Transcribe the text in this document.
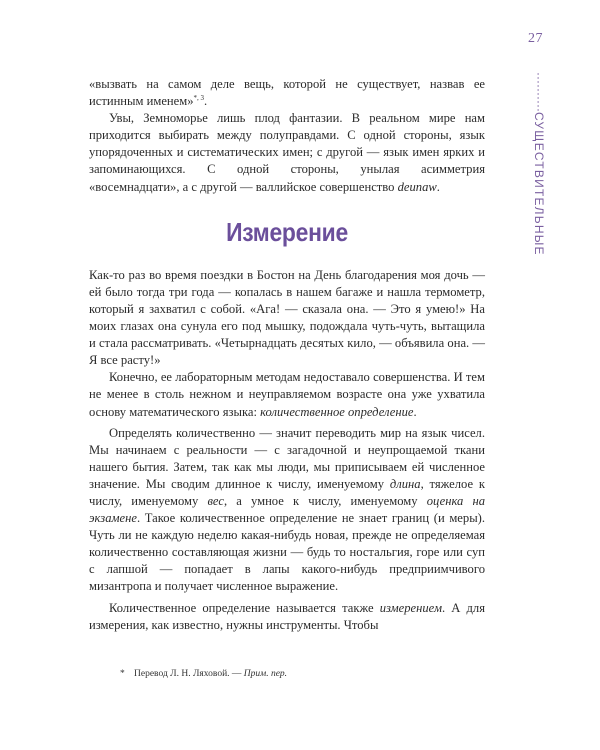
27
··········СУЩЕСТВИТЕЛЬНЫЕ

«вызвать на самом деле вещь, которой не существует, назвав ее истинным именем»$^{*, 3}$.

Увы, Земноморье лишь плод фантазии. В реальном мире нам приходится выбирать между полуправдами. С одной стороны, язык упорядоченных и систематических имен; с другой — язык имен ярких и запоминающихся. С одной стороны, унылая асимметрия «восемнадцати», а с другой — валлийское совершенство deunaw.

Измерение

Как-то раз во время поездки в Бостон на День благодарения моя дочь — ей было тогда три года — копалась в нашем багаже и нашла термометр, который я захватил с собой. «Ага! — сказала она. — Это я умею!» На моих глазах она сунула его под мышку, подождала чуть-чуть, вытащила и стала рассматривать. «Четырнадцать десятых кило, — объявила она. — Я все расту!»

Конечно, ее лабораторным методам недоставало совершенства. И тем не менее в столь нежном и неуправляемом возрасте она уже ухватила основу математического языка: количественное определение.

Определять количественно — значит переводить мир на язык чисел. Мы начинаем с реальности — с загадочной и неупрощаемой ткани нашего бытия. Затем, так как мы люди, мы приписываем ей численное значение. Мы сводим длинное к числу, именуемому длина, тяжелое к числу, именуемому вес, а умное к числу, именуемому оценка на экзамене. Такое количественное определение не знает границ (и меры). Чуть ли не каждую неделю какая-нибудь новая, прежде не определяемая количественно составляющая жизни — будь то ностальгия, горе или суп с лапшой — попадает в лапы какого-нибудь предприимчивого мизантропа и получает численное выражение.

Количественное определение называется также измерением. А для измерения, как известно, нужны инструменты. Чтобы

* Перевод Л. Н. Ляховой. — Прим. пер.
